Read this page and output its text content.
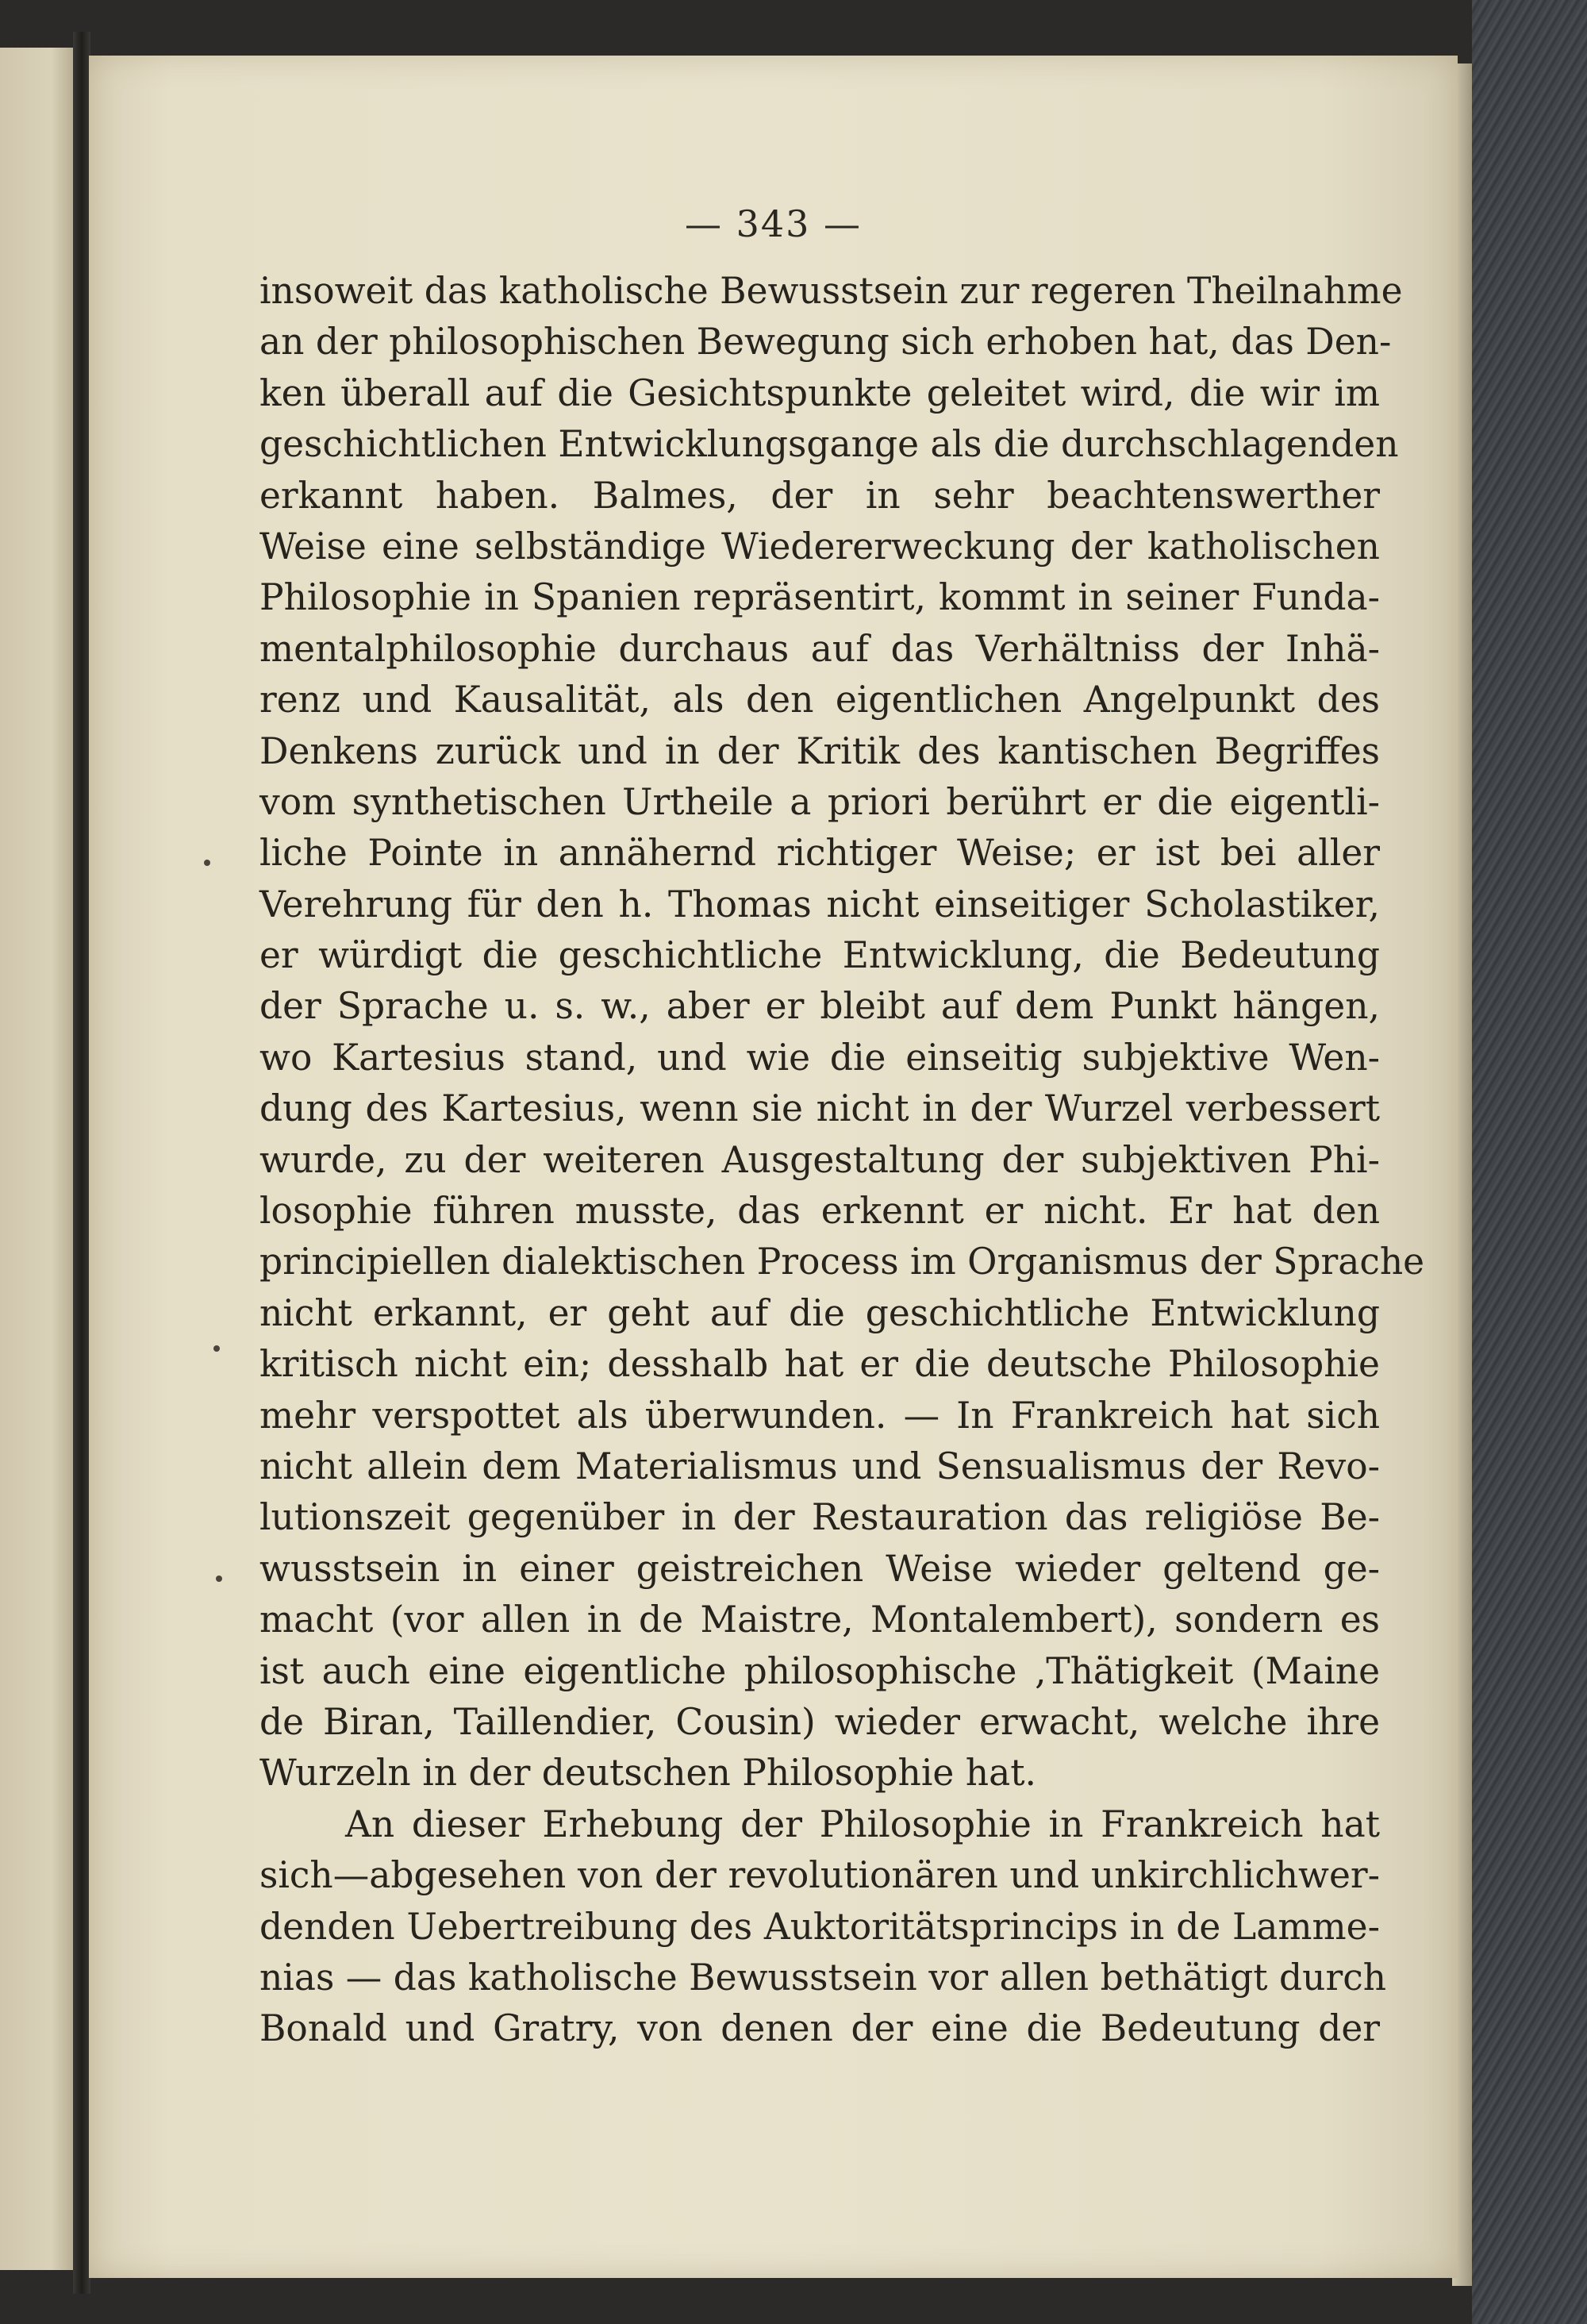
— 343 —
insoweit das katholische Bewusstsein zur regeren Theilnahme
an der philosophischen Bewegung sich erhoben hat, das Den-
ken überall auf die Gesichtspunkte geleitet wird, die wir im
geschichtlichen Entwicklungsgange als die durchschlagenden
erkannt haben. Balmes, der in sehr beachtenswerther
Weise eine selbständige Wiedererweckung der katholischen
Philosophie in Spanien repräsentirt, kommt in seiner Funda-
mentalphilosophie durchaus auf das Verhältniss der Inhä-
renz und Kausalität, als den eigentlichen Angelpunkt des
Denkens zurück und in der Kritik des kantischen Begriffes
vom synthetischen Urtheile a priori berührt er die eigentli-
liche Pointe in annähernd richtiger Weise; er ist bei aller
Verehrung für den h. Thomas nicht einseitiger Scholastiker,
er würdigt die geschichtliche Entwicklung, die Bedeutung
der Sprache u. s. w., aber er bleibt auf dem Punkt hängen,
wo Kartesius stand, und wie die einseitig subjektive Wen-
dung des Kartesius, wenn sie nicht in der Wurzel verbessert
wurde, zu der weiteren Ausgestaltung der subjektiven Phi-
losophie führen musste, das erkennt er nicht. Er hat den
principiellen dialektischen Process im Organismus der Sprache
nicht erkannt, er geht auf die geschichtliche Entwicklung
kritisch nicht ein; desshalb hat er die deutsche Philosophie
mehr verspottet als überwunden. — In Frankreich hat sich
nicht allein dem Materialismus und Sensualismus der Revo-
lutionszeit gegenüber in der Restauration das religiöse Be-
wusstsein in einer geistreichen Weise wieder geltend ge-
macht (vor allen in de Maistre, Montalembert), sondern es
ist auch eine eigentliche philosophische ‚Thätigkeit (Maine
de Biran, Taillendier, Cousin) wieder erwacht, welche ihre
Wurzeln in der deutschen Philosophie hat.
An dieser Erhebung der Philosophie in Frankreich hat
sich—abgesehen von der revolutionären und unkirchlichwer-
denden Uebertreibung des Auktoritätsprincips in de Lamme-
nias — das katholische Bewusstsein vor allen bethätigt durch
Bonald und Gratry, von denen der eine die Bedeutung der
